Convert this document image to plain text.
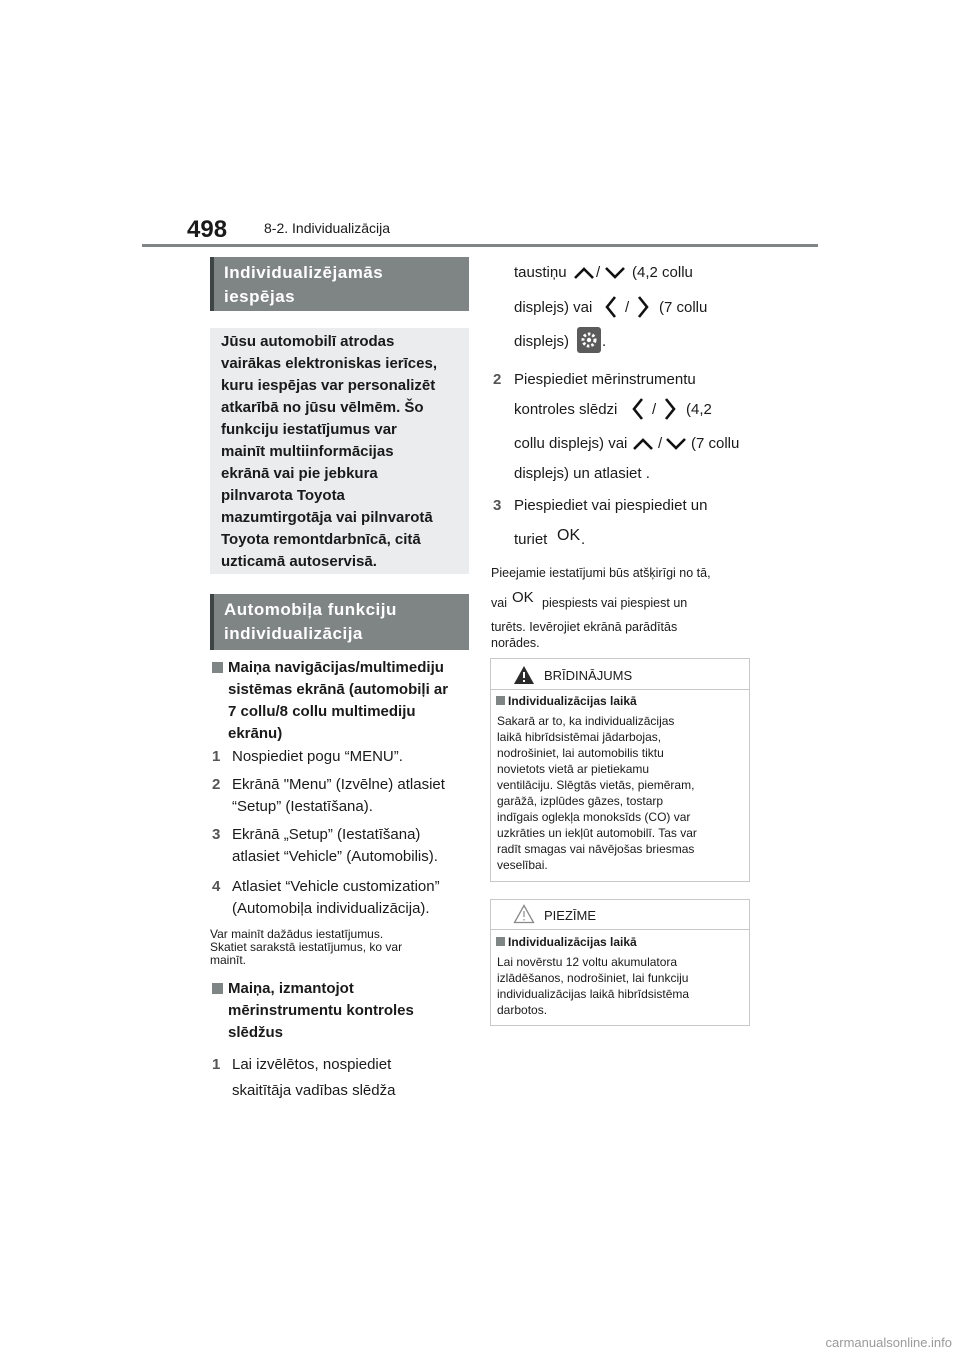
498	8-2. Individualizācija
Individualizējamās
iespējas
Jūsu automobilī atrodas
vairākas elektroniskas ierīces,
kuru iespējas var personalizēt
atkarībā no jūsu vēlmēm. Šo
funkciju iestatījumus var
mainīt multiinformācijas
ekrānā vai pie jebkura
pilnvarota Toyota
mazumtirgotāja vai pilnvarotā
Toyota remontdarbnīcā, citā
uzticamā autoservisā.
Automobiļa funkciju
individualizācija
Maiņa navigācijas/multimediju
sistēmas ekrānā (automobiļi ar
7 collu/8 collu multimediju
ekrānu)
1 Nospiediet pogu “MENU”.
2 Ekrānā "Menu” (Izvēlne) atlasiet
“Setup” (Iestatīšana).
3 Ekrānā „Setup” (Iestatīšana)
atlasiet “Vehicle” (Automobilis).
4 Atlasiet “Vehicle customization”
(Automobiļa individualizācija).
Var mainīt dažādus iestatījumus.
Skatiet sarakstā iestatījumus, ko var
mainīt.
Maiņa, izmantojot
mērinstrumentu kontroles
slēdžus
1 Lai izvēlētos, nospiediet
skaitītāja vadības slēdža
taustiņu / (4,2 collu
displejs) vai / (7 collu
displejs) .
2 Piespiediet mērinstrumentu
kontroles slēdzi / (4,2
collu displejs) vai / (7 collu
displejs) un atlasiet .
3 Piespiediet vai piespiediet un
turiet OK .
Pieejamie iestatījumi būs atšķirīgi no tā,
vai OK piespiests vai piespiest un
turēts. Ievērojiet ekrānā parādītās
norādes.
BRĪDINĀJUMS
Individualizācijas laikā
Sakarā ar to, ka individualizācijas
laikā hibrīdsistēmai jādarbojas,
nodrošiniet, lai automobilis tiktu
novietots vietā ar pietiekamu
ventilāciju. Slēgtās vietās, piemēram,
garāžā, izplūdes gāzes, tostarp
indīgais oglekļa monoksīds (CO) var
uzkrāties un iekļūt automobilī. Tas var
radīt smagas vai nāvējošas briesmas
veselībai.
PIEZĪME
Individualizācijas laikā
Lai novērstu 12 voltu akumulatora
izlādēšanos, nodrošiniet, lai funkciju
individualizācijas laikā hibrīdsistēma
darbotos.
carmanualsonline.info
